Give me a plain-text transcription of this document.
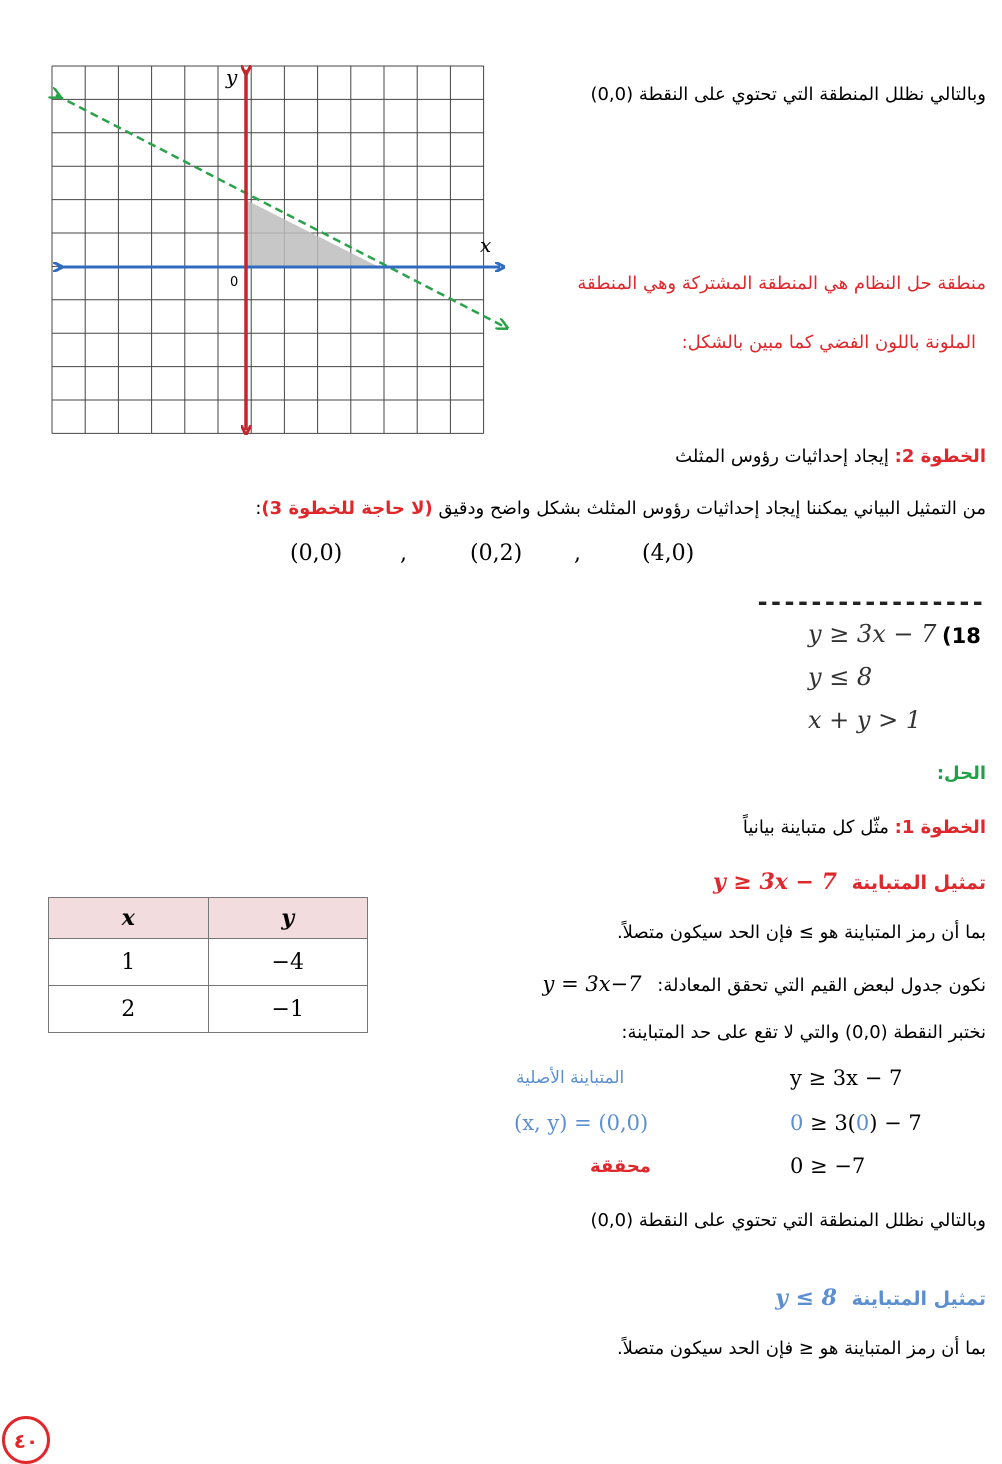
y
x
0
وبالتالي نظلل المنطقة التي تحتوي على النقطة (0,0)
منطقة حل النظام هي المنطقة المشتركة وهي المنطقة
الملونة باللون الفضي كما مبين بالشكل:
الخطوة 2: إيجاد إحداثيات رؤوس المثلث
من التمثيل البياني يمكننا إيجاد إحداثيات رؤوس المثلث بشكل واضح ودقيق (لا حاجة للخطوة 3):
(0,0)	,	(0,2) ,	(4,0)
-----------------
(18
y ≥ 3x − 7
y ≤ 8
x + y > 1
الحل:
الخطوة 1: مثّل كل متباينة بيانياً
y ≥ 3x − 7 تمثيل المتباينة
بما أن رمز المتباينة هو ≥ فإن الحد سيكون متصلاً.
y = 3x−7 نكون جدول لبعض القيم التي تحقق المعادلة:
نختبر النقطة (0,0) والتي لا تقع على حد المتباينة:
y ≥ 3x − 7
المتباينة الأصلية
0 ≥ 3(0) − 7
(x, y) = (0,0)
0 ≥ −7
محققة
وبالتالي نظلل المنطقة التي تحتوي على النقطة (0,0)
y ≤ 8 تمثيل المتباينة
بما أن رمز المتباينة هو ≤ فإن الحد سيكون متصلاً.
x	y
1	−4
2	−1
٤٠
